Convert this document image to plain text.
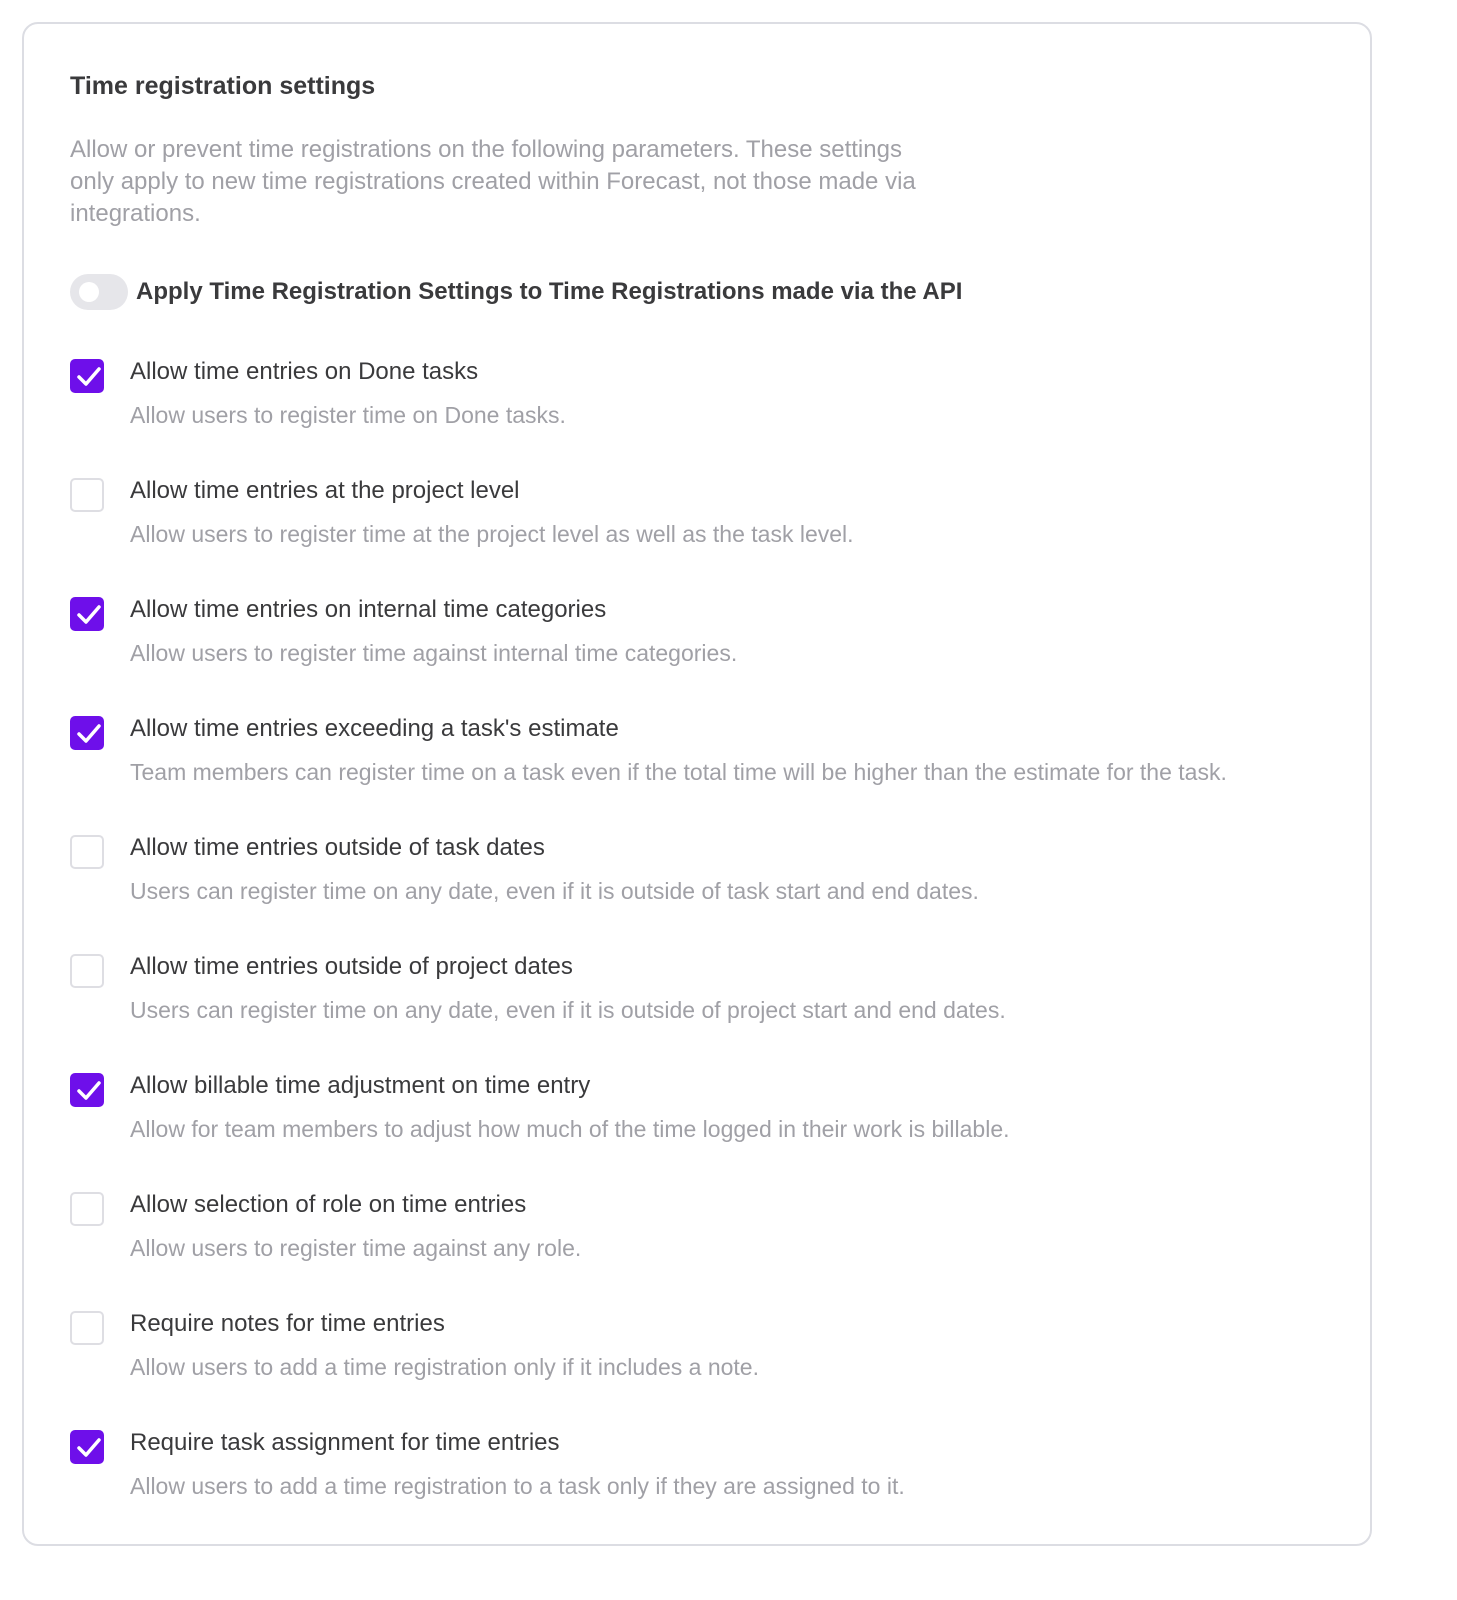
Time registration settings
Allow or prevent time registrations on the following parameters. These settings only apply to new time registrations created within Forecast, not those made via integrations.
Apply Time Registration Settings to Time Registrations made via the API
Allow time entries on Done tasks
Allow users to register time on Done tasks.
Allow time entries at the project level
Allow users to register time at the project level as well as the task level.
Allow time entries on internal time categories
Allow users to register time against internal time categories.
Allow time entries exceeding a task's estimate
Team members can register time on a task even if the total time will be higher than the estimate for the task.
Allow time entries outside of task dates
Users can register time on any date, even if it is outside of task start and end dates.
Allow time entries outside of project dates
Users can register time on any date, even if it is outside of project start and end dates.
Allow billable time adjustment on time entry
Allow for team members to adjust how much of the time logged in their work is billable.
Allow selection of role on time entries
Allow users to register time against any role.
Require notes for time entries
Allow users to add a time registration only if it includes a note.
Require task assignment for time entries
Allow users to add a time registration to a task only if they are assigned to it.
